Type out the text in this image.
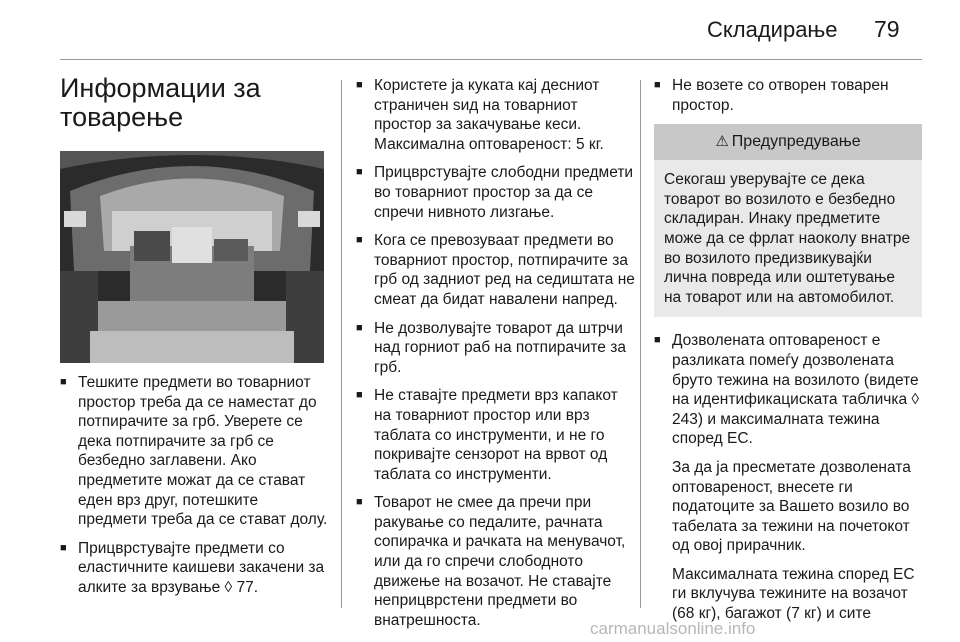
Складирање 79
Информации за товарење
■ Тешките предмети во товарниот простор треба да се наместат до потпирачите за грб. Уверете се дека потпирачите за грб се безбедно заглавени. Ако предметите можат да се стават еден врз друг, потешките предмети треба да се стават долу.
■ Прицврстувајте предмети со еластичните каишеви закачени за алките за врзување ◊ 77.
■ Користете ја куката кај десниот страничен ѕид на товарниот простор за закачување кеси. Максимална оптовареност: 5 кг.
■ Прицврстувајте слободни предмети во товарниот простор за да се спречи нивното лизгање.
■ Кога се превозуваат предмети во товарниот простор, потпирачите за грб од задниот ред на седиштата не смеат да бидат навалени напред.
■ Не дозволувајте товарот да штрчи над горниот раб на потпирачите за грб.
■ Не ставајте предмети врз капакот на товарниот простор или врз таблата со инструменти, и не го покривајте сензорот на врвот од таблата со инструменти.
■ Товарот не смее да пречи при ракување со педалите, рачната сопирачка и рачката на менувачот, или да го спречи слободното движење на возачот. Не ставајте неприцврстени предмети во внатрешноста.
■ Не возете со отворен товарен простор.
⚠ Предупредување
Секогаш уверувајте се дека товарот во возилото е безбедно складиран. Инаку предметите може да се фрлат наоколу внатре во возилото предизвикувајќи лична повреда или оштетување на товарот или на автомобилот.
■ Дозволената оптовареност е разликата помеѓу дозволената бруто тежина на возилото (видете на идентификациската табличка ◊ 243) и максималната тежина според ЕС.
За да ја пресметате дозволената оптовареност, внесете ги податоците за Вашето возило во табелата за тежини на почетокот од овој прирачник.
Максималната тежина според ЕС ги вклучува тежините на возачот (68 кг), багажот (7 кг) и сите
carmanualsonline.info
